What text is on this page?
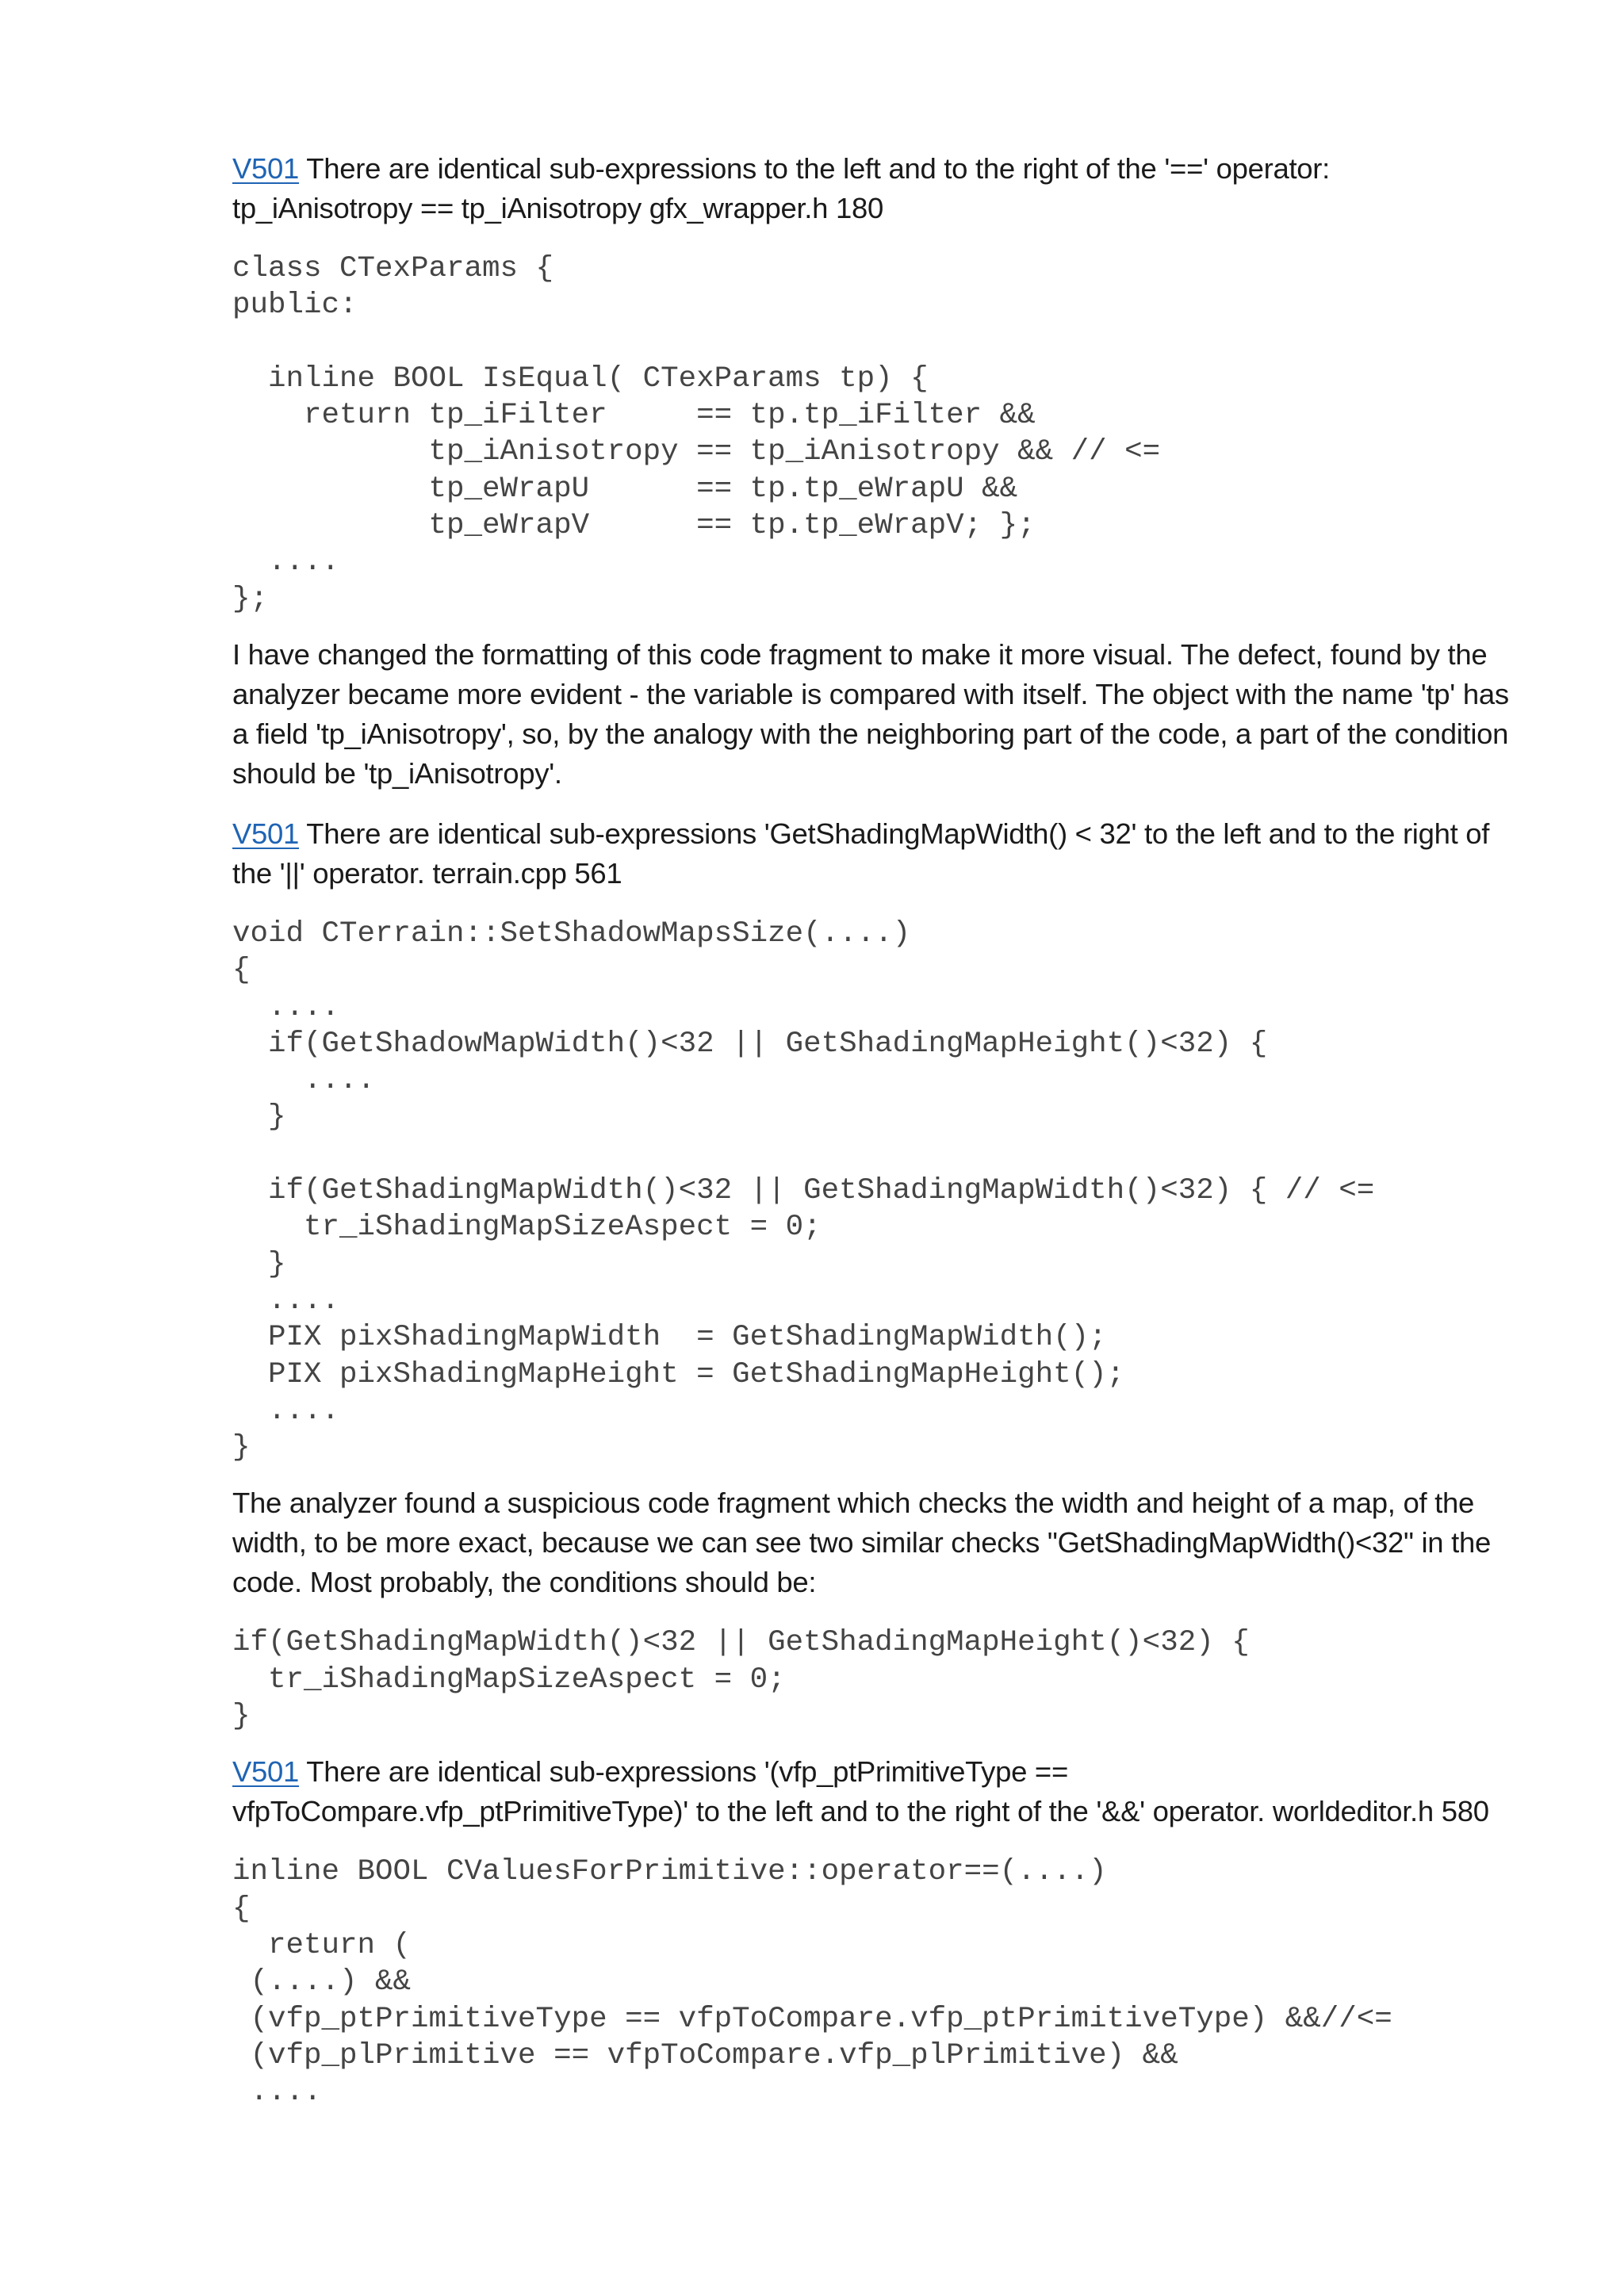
V501 There are identical sub-expressions to the left and to the right of the '==' operator: tp_iAnisotropy == tp_iAnisotropy gfx_wrapper.h 180

class CTexParams {
public:

inline BOOL IsEqual( CTexParams tp) {
return tp_iFilter     == tp.tp_iFilter &&
tp_iAnisotropy == tp_iAnisotropy && // <=
tp_eWrapU      == tp.tp_eWrapU &&
tp_eWrapV      == tp.tp_eWrapV; };
....
};

I have changed the formatting of this code fragment to make it more visual. The defect, found by the analyzer became more evident - the variable is compared with itself. The object with the name 'tp' has a field 'tp_iAnisotropy', so, by the analogy with the neighboring part of the code, a part of the condition should be 'tp_iAnisotropy'.

V501 There are identical sub-expressions 'GetShadingMapWidth() < 32' to the left and to the right of the '||' operator. terrain.cpp 561

void CTerrain::SetShadowMapsSize(....)
{
....
if(GetShadowMapWidth()<32 || GetShadingMapHeight()<32) {
....
}

if(GetShadingMapWidth()<32 || GetShadingMapWidth()<32) { // <=
tr_iShadingMapSizeAspect = 0;
}
....
PIX pixShadingMapWidth  = GetShadingMapWidth();
PIX pixShadingMapHeight = GetShadingMapHeight();
....
}

The analyzer found a suspicious code fragment which checks the width and height of a map, of the width, to be more exact, because we can see two similar checks "GetShadingMapWidth()<32" in the code. Most probably, the conditions should be:

if(GetShadingMapWidth()<32 || GetShadingMapHeight()<32) {
tr_iShadingMapSizeAspect = 0;
}

V501 There are identical sub-expressions '(vfp_ptPrimitiveType == vfpToCompare.vfp_ptPrimitiveType)' to the left and to the right of the '&&' operator. worldeditor.h 580

inline BOOL CValuesForPrimitive::operator==(....)
{
return (
(....) &&
(vfp_ptPrimitiveType == vfpToCompare.vfp_ptPrimitiveType) &&//<=
(vfp_plPrimitive == vfpToCompare.vfp_plPrimitive) &&
....
